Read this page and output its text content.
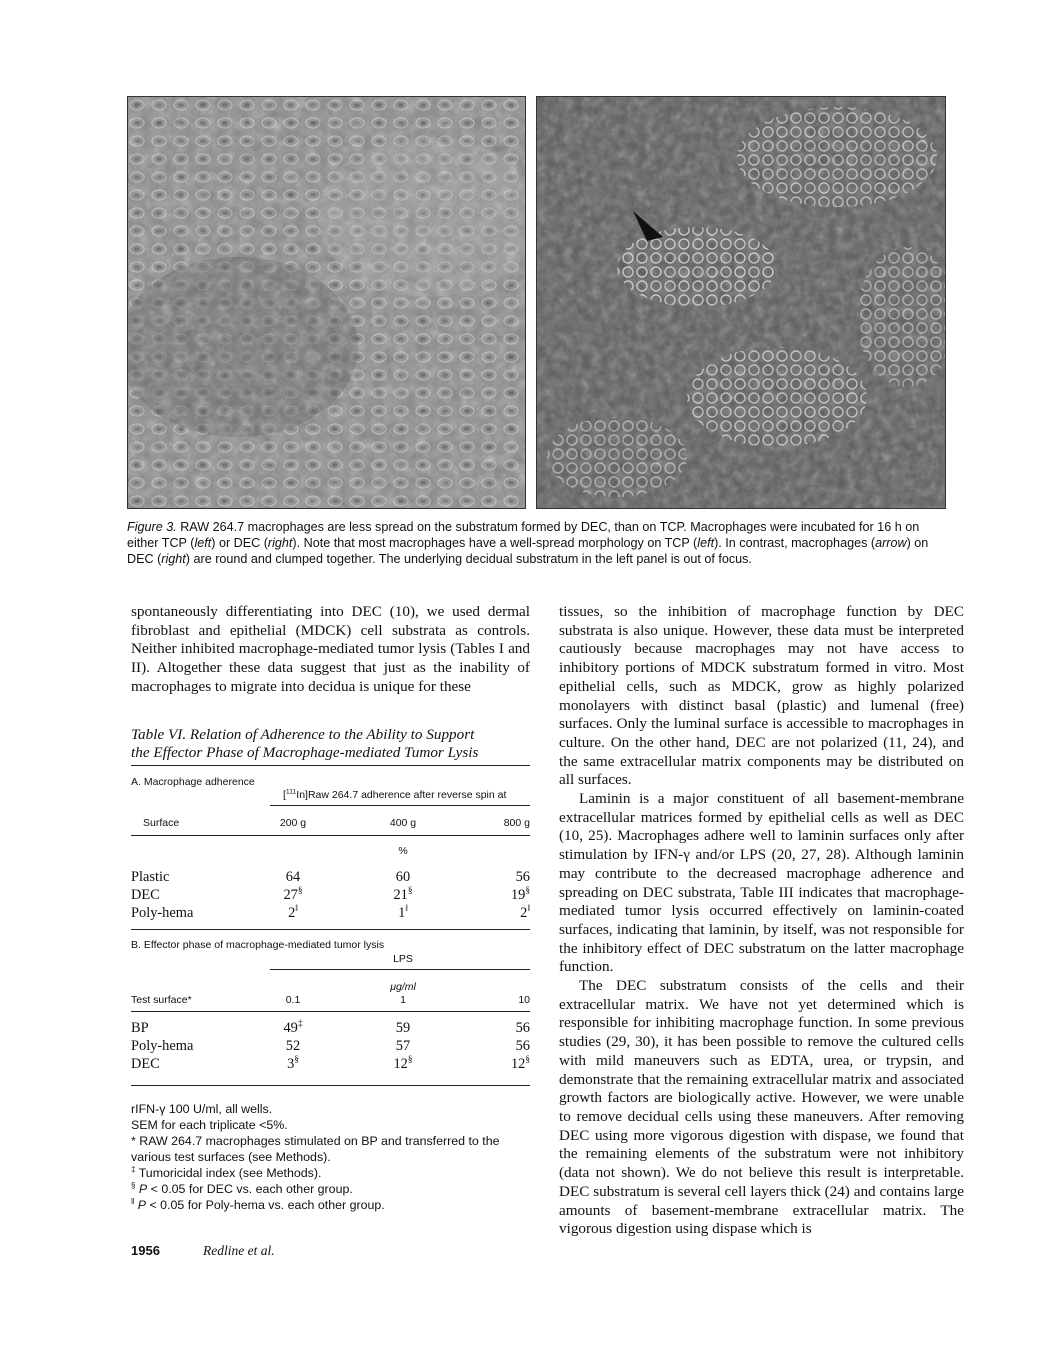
Figure 3. RAW 264.7 macrophages are less spread on the substratum formed by DEC, than on TCP. Macrophages were incubated for 16 h on either TCP (left) or DEC (right). Note that most macrophages have a well-spread morphology on TCP (left). In contrast, macrophages (arrow) on DEC (right) are round and clumped together. The underlying decidual substratum in the left panel is out of focus.
spontaneously differentiating into DEC (10), we used dermal fibroblast and epithelial (MDCK) cell substrata as controls. Neither inhibited macrophage-mediated tumor lysis (Tables I and II). Altogether these data suggest that just as the inability of macrophages to migrate into decidua is unique for these
Table VI. Relation of Adherence to the Ability to Support
the Effector Phase of Macrophage-mediated Tumor Lysis
A. Macrophage adherence
[$^{111}$In]Raw 264.7 adherence after reverse spin at
Surface	200 g	400 g	800 g
%
Plastic	64	60	56
DEC	27§	21§	19§
Poly-hema	2‖	1‖	2‖
B. Effector phase of macrophage-mediated tumor lysis
LPS
μg/ml
Test surface*	0.1	1	10
BP	49‡	59	56
Poly-hema	52	57	56
DEC	3§	12§	12§
rIFN-γ 100 U/ml, all wells.
SEM for each triplicate <5%.
* RAW 264.7 macrophages stimulated on BP and transferred to the various test surfaces (see Methods).
‡ Tumoricidal index (see Methods).
§ P < 0.05 for DEC vs. each other group.
‖ P < 0.05 for Poly-hema vs. each other group.

tissues, so the inhibition of macrophage function by DEC substrata is also unique. However, these data must be interpreted cautiously because macrophages may not have access to inhibitory portions of MDCK substratum formed in vitro. Most epithelial cells, such as MDCK, grow as highly polarized monolayers with distinct basal (plastic) and lumenal (free) surfaces. Only the luminal surface is accessible to macrophages in culture. On the other hand, DEC are not polarized (11, 24), and the same extracellular matrix components may be distributed on all surfaces.

Laminin is a major constituent of all basement-membrane extracellular matrices formed by epithelial cells as well as DEC (10, 25). Macrophages adhere well to laminin surfaces only after stimulation by IFN-γ and/or LPS (20, 27, 28). Although laminin may contribute to the decreased macrophage adherence and spreading on DEC substrata, Table III indicates that macrophage-mediated tumor lysis occurred effectively on laminin-coated surfaces, indicating that laminin, by itself, was not responsible for the inhibitory effect of DEC substratum on the latter macrophage function.

The DEC substratum consists of the cells and their extracellular matrix. We have not yet determined which is responsible for inhibiting macrophage function. In some previous studies (29, 30), it has been possible to remove the cultured cells with mild maneuvers such as EDTA, urea, or trypsin, and demonstrate that the remaining extracellular matrix and associated growth factors are biologically active. However, we were unable to remove decidual cells using these maneuvers. After removing DEC using more vigorous digestion with dispase, we found that the remaining elements of the substratum were not inhibitory (data not shown). We do not believe this result is interpretable. DEC substratum is several cell layers thick (24) and contains large amounts of basement-membrane extracellular matrix. The vigorous digestion using dispase which is

1956	Redline et al.
